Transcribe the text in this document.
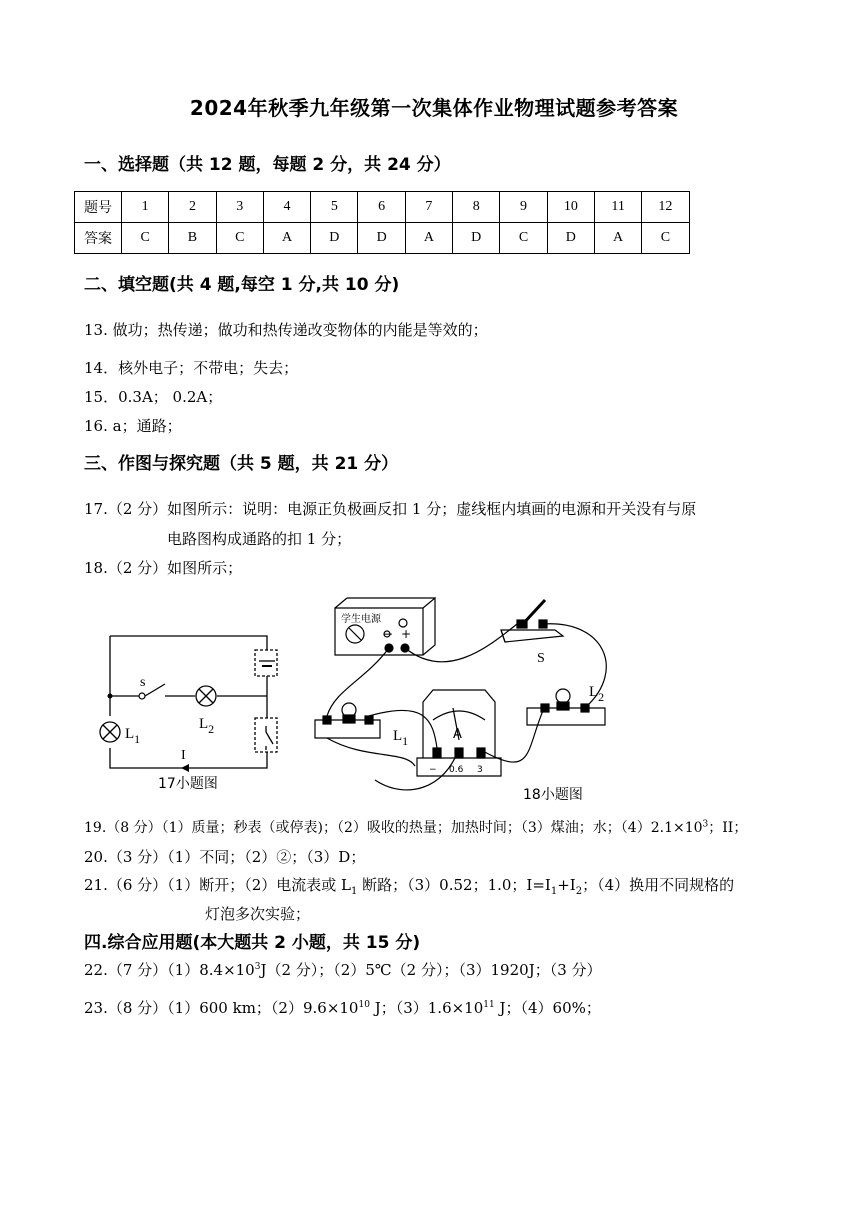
2024年秋季九年级第一次集体作业物理试题参考答案
一、选择题（共 12 题，每题 2 分，共 24 分）
题号	1	2	3	4	5	6	7	8	9	10	11	12
答案	C	B	C	A	D	D	A	D	C	D	A	C
二、填空题(共 4 题,每空 1 分,共 10 分)
13. 做功；热传递；做功和热传递改变物体的内能是等效的；
14．核外电子；不带电；失去；
15．0.3A； 0.2A；
16. a；通路；
三、作图与探究题（共 5 题，共 21 分）
17.（2 分）如图所示：说明：电源正负极画反扣 1 分；虚线框内填画的电源和开关没有与原
电路图构成通路的扣 1 分；
18.（2 分）如图所示；
s
$L_2$
$L_1$
I
17小题图
学生电源
− +
S
$L_2$
$L_1$	A
− 0.6 3
18小题图
19.（8 分）（1）质量；秒表（或停表)；（2）吸收的热量；加热时间；（3）煤油；水；$(4)2.1\times 10^3$；II；
20.（3 分）（1）不同；（2）②；（3）D；
21.（6 分）（1）断开；（2）电流表或 $L_1$ 断路；（3）0.52；1.0；$I=I_1+I_2$；（4）换用不同规格的
灯泡多次实验；
四.综合应用题(本大题共 2 小题，共 15 分)
22.（7 分）$(1)8.4\times 10^3J(2$ 分）；（2）5℃（2 分）；（3）1920J；（3 分）
23.（8 分）（1）600 km；$(2)9.6\times 10^{10}$ J；$(3)1.6\times 10^{11}$ J；（4）60%；
